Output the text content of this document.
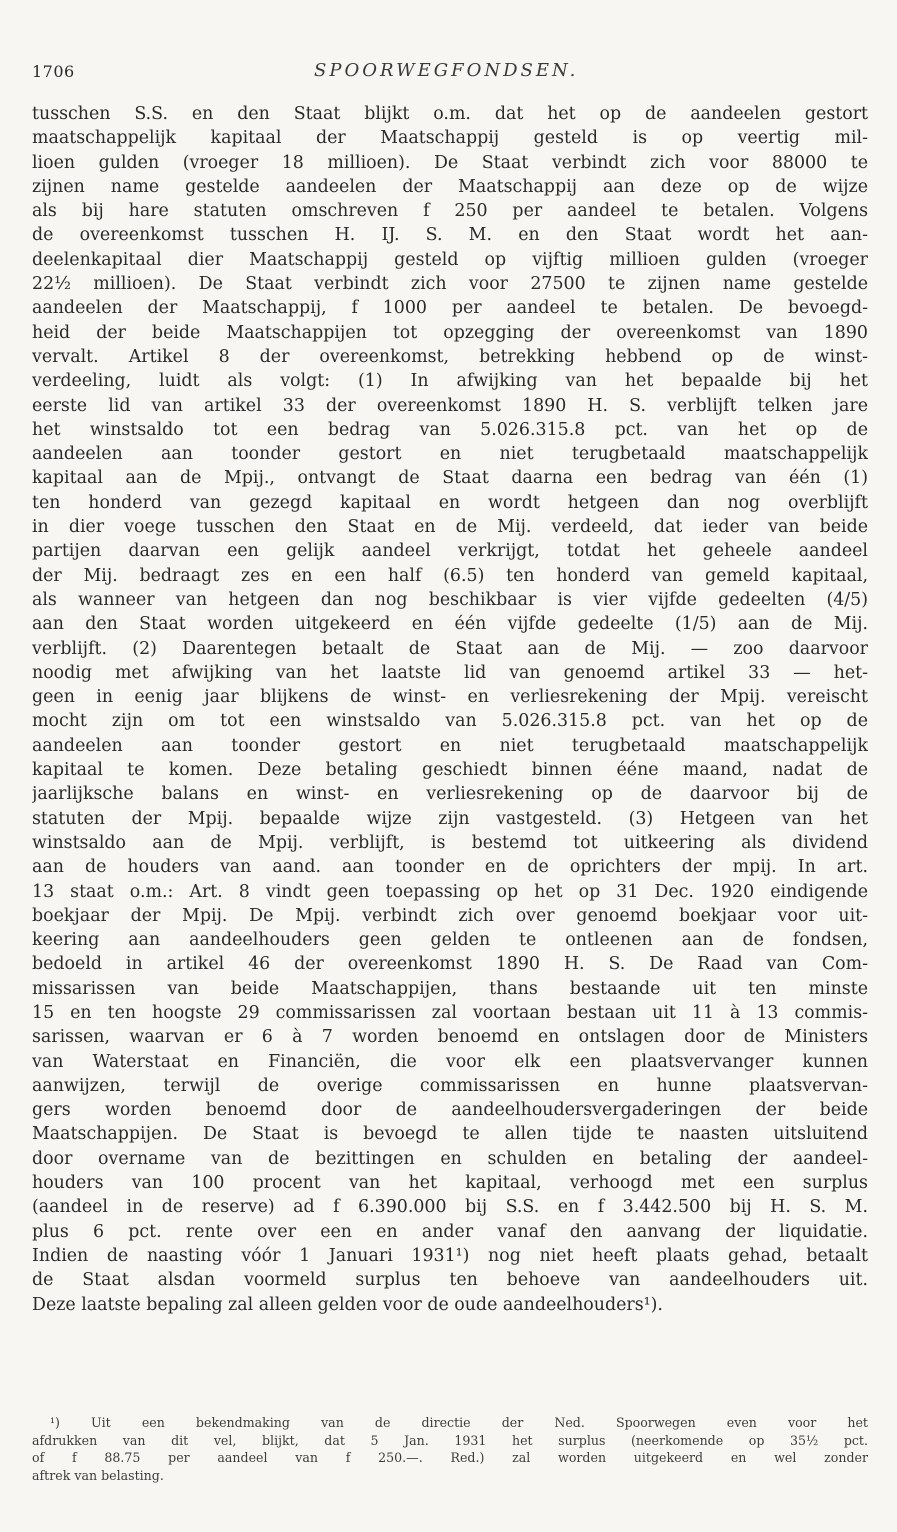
1706	SPOORWEGFONDSEN.
tusschen S.S. en den Staat blijkt o.m. dat het op de aandeelen gestort
maatschappelijk kapitaal der Maatschappij gesteld is op veertig mil-
lioen gulden (vroeger 18 millioen). De Staat verbindt zich voor 88000 te
zijnen name gestelde aandeelen der Maatschappij aan deze op de wijze
als bij hare statuten omschreven f 250 per aandeel te betalen. Volgens
de overeenkomst tusschen H. IJ. S. M. en den Staat wordt het aan-
deelenkapitaal dier Maatschappij gesteld op vijftig millioen gulden (vroeger
22½ millioen). De Staat verbindt zich voor 27500 te zijnen name gestelde
aandeelen der Maatschappij, f 1000 per aandeel te betalen. De bevoegd-
heid der beide Maatschappijen tot opzegging der overeenkomst van 1890
vervalt. Artikel 8 der overeenkomst, betrekking hebbend op de winst-
verdeeling, luidt als volgt: (1) In afwijking van het bepaalde bij het
eerste lid van artikel 33 der overeenkomst 1890 H. S. verblijft telken jare
het winstsaldo tot een bedrag van 5.026.315.8 pct. van het op de
aandeelen aan toonder gestort en niet terugbetaald maatschappelijk
kapitaal aan de Mpij., ontvangt de Staat daarna een bedrag van één (1)
ten honderd van gezegd kapitaal en wordt hetgeen dan nog overblijft
in dier voege tusschen den Staat en de Mij. verdeeld, dat ieder van beide
partijen daarvan een gelijk aandeel verkrijgt, totdat het geheele aandeel
der Mij. bedraagt zes en een half (6.5) ten honderd van gemeld kapitaal,
als wanneer van hetgeen dan nog beschikbaar is vier vijfde gedeelten (4/5)
aan den Staat worden uitgekeerd en één vijfde gedeelte (1/5) aan de Mij.
verblijft. (2) Daarentegen betaalt de Staat aan de Mij. — zoo daarvoor
noodig met afwijking van het laatste lid van genoemd artikel 33 — het-
geen in eenig jaar blijkens de winst- en verliesrekening der Mpij. vereischt
mocht zijn om tot een winstsaldo van 5.026.315.8 pct. van het op de
aandeelen aan toonder gestort en niet terugbetaald maatschappelijk
kapitaal te komen. Deze betaling geschiedt binnen ééne maand, nadat de
jaarlijksche balans en winst- en verliesrekening op de daarvoor bij de
statuten der Mpij. bepaalde wijze zijn vastgesteld. (3) Hetgeen van het
winstsaldo aan de Mpij. verblijft, is bestemd tot uitkeering als dividend
aan de houders van aand. aan toonder en de oprichters der mpij. In art.
13 staat o.m.: Art. 8 vindt geen toepassing op het op 31 Dec. 1920 eindigende
boekjaar der Mpij. De Mpij. verbindt zich over genoemd boekjaar voor uit-
keering aan aandeelhouders geen gelden te ontleenen aan de fondsen,
bedoeld in artikel 46 der overeenkomst 1890 H. S. De Raad van Com-
missarissen van beide Maatschappijen, thans bestaande uit ten minste
15 en ten hoogste 29 commissarissen zal voortaan bestaan uit 11 à 13 commis-
sarissen, waarvan er 6 à 7 worden benoemd en ontslagen door de Ministers
van Waterstaat en Financiën, die voor elk een plaatsvervanger kunnen
aanwijzen, terwijl de overige commissarissen en hunne plaatsvervan-
gers worden benoemd door de aandeelhoudersvergaderingen der beide
Maatschappijen. De Staat is bevoegd te allen tijde te naasten uitsluitend
door overname van de bezittingen en schulden en betaling der aandeel-
houders van 100 procent van het kapitaal, verhoogd met een surplus
(aandeel in de reserve) ad f 6.390.000 bij S.S. en f 3.442.500 bij H. S. M.
plus 6 pct. rente over een en ander vanaf den aanvang der liquidatie.
Indien de naasting vóór 1 Januari 1931¹) nog niet heeft plaats gehad, betaalt
de Staat alsdan voormeld surplus ten behoeve van aandeelhouders uit.
Deze laatste bepaling zal alleen gelden voor de oude aandeelhouders¹).
¹) Uit een bekendmaking van de directie der Ned. Spoorwegen even voor het
afdrukken van dit vel, blijkt, dat 5 Jan. 1931 het surplus (neerkomende op 35½ pct.
of f 88.75 per aandeel van f 250.—. Red.) zal worden uitgekeerd en wel zonder
aftrek van belasting.
